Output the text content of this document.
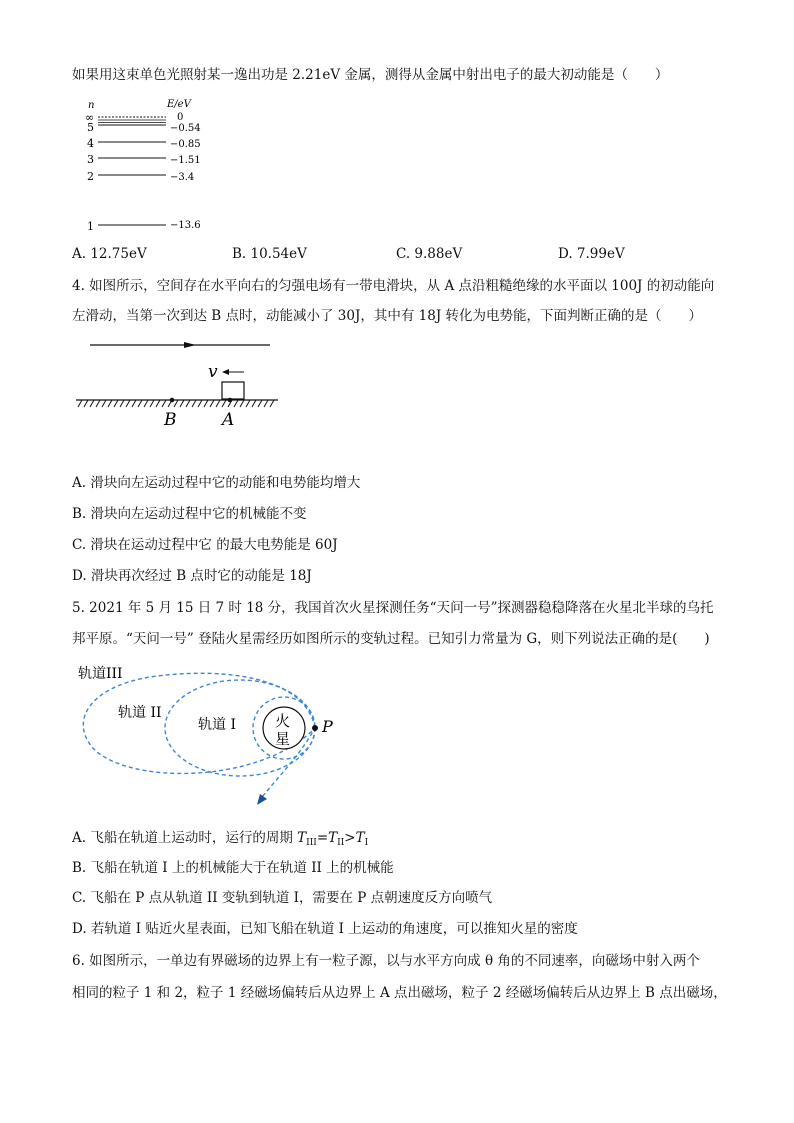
如果用这束单色光照射某一逸出功是 2.21eV 金属，测得从金属中射出电子的最大初动能是（　　）
n	E/eV
∞	0
5	−0.54
4	−0.85
3	−1.51
2	−3.4
1	−13.6
A. 12.75eV	B. 10.54eV	C. 9.88eV	D. 7.99eV
4. 如图所示，空间存在水平向右的匀强电场有一带电滑块，从 A 点沿粗糙绝缘的水平面以 100J 的初动能向
左滑动，当第一次到达 B 点时，动能减小了 30J，其中有 18J 转化为电势能，下面判断正确的是（　　）
v
B	A
A. 滑块向左运动过程中它的动能和电势能均增大
B. 滑块向左运动过程中它的机械能不变
C. 滑块在运动过程中它 的最大电势能是 60J
D. 滑块再次经过 B 点时它的动能是 18J
5. 2021 年 5 月 15 日 7 时 18 分，我国首次火星探测任务“天问一号”探测器稳稳降落在火星北半球的乌托
邦平原。“天问一号” 登陆火星需经历如图所示的变轨过程。已知引力常量为 G，则下列说法正确的是(　　)
火
星
P
轨道III
轨道 II
轨道 I
A. 飞船在轨道上运动时，运行的周期 $T_{III}=T_{II}>T_I$
B. 飞船在轨道 I 上的机械能大于在轨道 II 上的机械能
C. 飞船在 P 点从轨道 II 变轨到轨道 I，需要在 P 点朝速度反方向喷气
D. 若轨道 I 贴近火星表面，已知飞船在轨道 I 上运动的角速度，可以推知火星的密度
6. 如图所示，一单边有界磁场的边界上有一粒子源，以与水平方向成 θ 角的不同速率，向磁场中射入两个
相同的粒子 1 和 2，粒子 1 经磁场偏转后从边界上 A 点出磁场，粒子 2 经磁场偏转后从边界上 B 点出磁场，
